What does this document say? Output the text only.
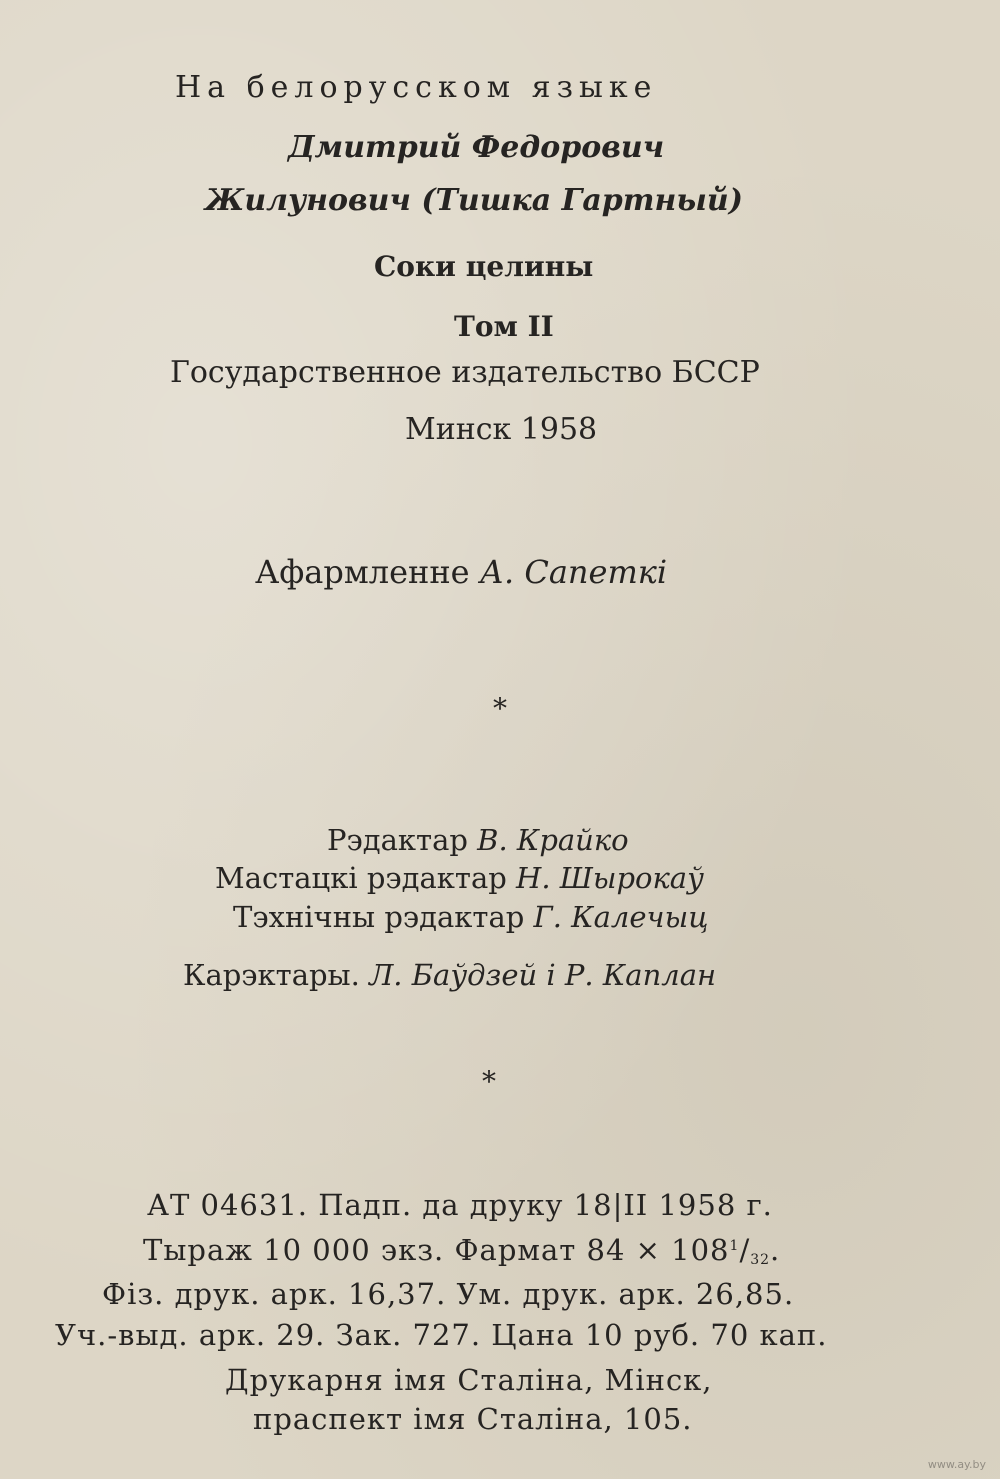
На белорусском языке
Дмитрий Федорович
Жилунович (Тишка Гартный)
Соки целины
Том II
Государственное издательство БССР
Минск 1958
Афармленне А. Сапеткі
*
Рэдактар В. Крайко
Мастацкі рэдактар Н. Шырокаў
Тэхнічны рэдактар Г. Калечыц
Карэктары. Л. Баўдзей і Р. Каплан
*
АТ 04631. Падп. да друку 18|II 1958 г.
Тыраж 10 000 экз. Фармат $84 \times 108^1/_{32}$.
Фіз. друк. арк. 16,37. Ум. друк. арк. 26,85.
Уч.-выд. арк. 29. Зак. 727. Цана 10 руб. 70 кап.
Друкарня імя Сталіна, Мінск,
праспект імя Сталіна, 105.
www.ay.by
